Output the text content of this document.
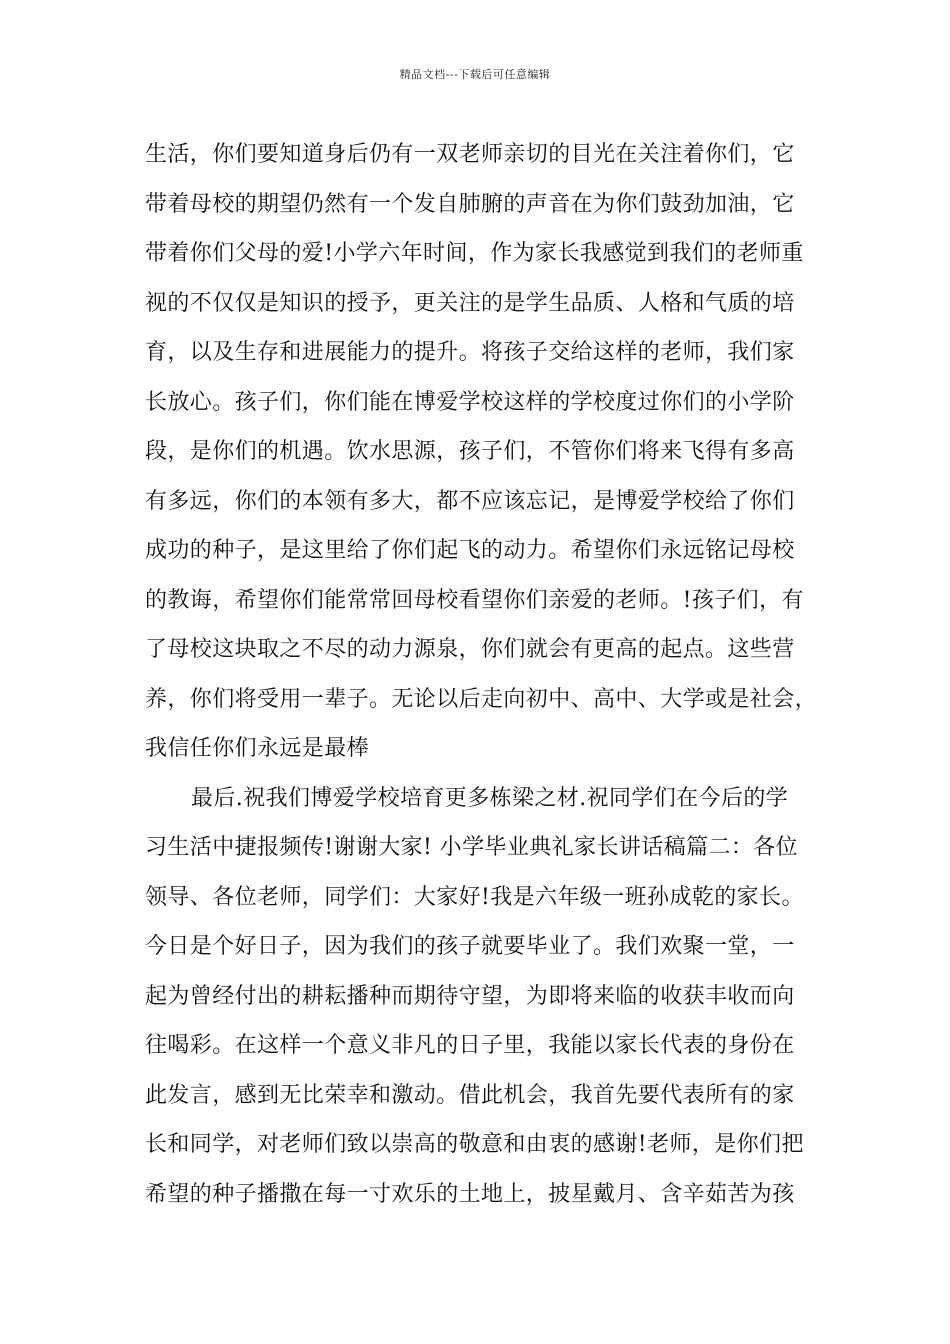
精品文档---下载后可任意编辑
生活，你们要知道身后仍有一双老师亲切的目光在关注着你们，它
带着母校的期望仍然有一个发自肺腑的声音在为你们鼓劲加油，它
带着你们父母的爱!小学六年时间，作为家长我感觉到我们的老师重
视的不仅仅是知识的授予，更关注的是学生品质、人格和气质的培
育，以及生存和进展能力的提升。将孩子交给这样的老师，我们家
长放心。孩子们，你们能在博爱学校这样的学校度过你们的小学阶
段，是你们的机遇。饮水思源，孩子们，不管你们将来飞得有多高
有多远，你们的本领有多大，都不应该忘记，是博爱学校给了你们
成功的种子，是这里给了你们起飞的动力。希望你们永远铭记母校
的教诲，希望你们能常常回母校看望你们亲爱的老师。!孩子们，有
了母校这块取之不尽的动力源泉，你们就会有更高的起点。这些营
养，你们将受用一辈子。无论以后走向初中、高中、大学或是社会，
我信任你们永远是最棒
最后.祝我们博爱学校培育更多栋梁之材.祝同学们在今后的学
习生活中捷报频传!谢谢大家! 小学毕业典礼家长讲话稿篇二：各位
领导、各位老师，同学们：大家好!我是六年级一班孙成乾的家长。
今日是个好日子，因为我们的孩子就要毕业了。我们欢聚一堂，一
起为曾经付出的耕耘播种而期待守望，为即将来临的收获丰收而向
往喝彩。在这样一个意义非凡的日子里，我能以家长代表的身份在
此发言，感到无比荣幸和激动。借此机会，我首先要代表所有的家
长和同学，对老师们致以崇高的敬意和由衷的感谢!老师，是你们把
希望的种子播撒在每一寸欢乐的土地上，披星戴月、含辛茹苦为孩
